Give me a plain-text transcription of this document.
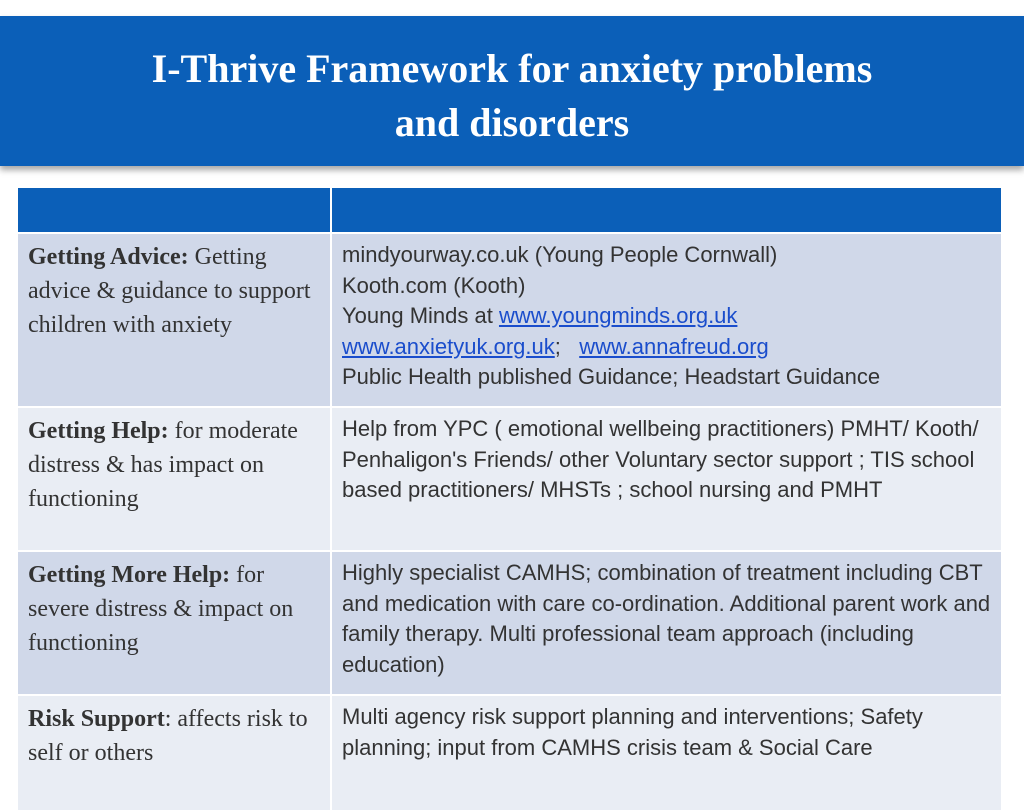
I-Thrive Framework for anxiety problems
and disorders

Getting Advice: Getting advice & guidance to support children with anxiety	mindyourway.co.uk (Young People Cornwall)
Kooth.com (Kooth)
Young Minds at www.youngminds.org.uk
www.anxietyuk.org.uk;   www.annafreud.org
Public Health published Guidance; Headstart Guidance

Getting Help: for moderate distress & has impact on functioning	Help from YPC ( emotional wellbeing practitioners) PMHT/ Kooth/ Penhaligon's Friends/ other Voluntary sector support ; TIS school based practitioners/ MHSTs ; school nursing and PMHT
Getting More Help: for severe distress & impact on functioning	Highly specialist CAMHS; combination of treatment including CBT and medication with care co-ordination. Additional parent work and family therapy. Multi professional team approach (including education)
Risk Support: affects risk to self or others	Multi agency risk support planning and interventions; Safety planning; input from CAMHS crisis team & Social Care
